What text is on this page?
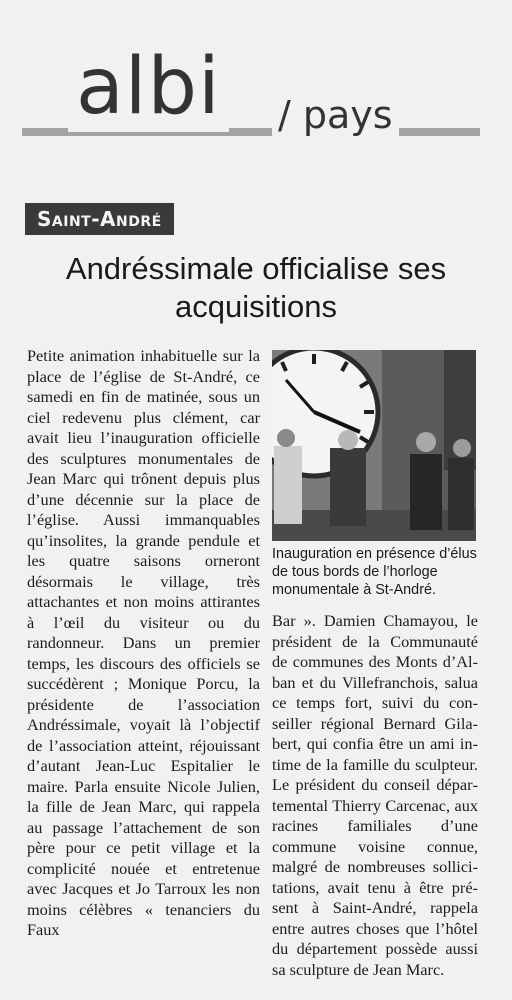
albi / pays
Saint-André
Andréssimale officialise ses acquisitions
Petite animation inhabituelle sur la place de l’église de St-André, ce samedi en fin de matinée, sous un ciel redevenu plus clément, car avait lieu l’inauguration officielle des sculptures monumentales de Jean Marc qui trônent depuis plus d’une décennie sur la place de l’église. Aussi immanquables qu’insolites, la grande pendule et les quatre saisons orneront désormais le village, très attachantes et non moins attirantes à l’œil du visiteur ou du randonneur. Dans un premier temps, les discours des officiels se succédèrent ; Monique Porcu, la présidente de l’association Andréssimale, voyait là l’objectif de l’association atteint, réjouissant d’autant Jean-Luc Espitalier le maire. Parla ensuite Nicole Julien, la fille de Jean Marc, qui rappela au passage l’attachement de son père pour ce petit village et la complicité nouée et entretenue avec Jacques et Jo Tarroux les non moins célèbres « tenanciers du Faux
Inauguration en présence d’élus de tous bords de l’horloge monumentale à St-André.
Bar ». Damien Chamayou, le président de la Communauté de communes des Monts d’Alban et du Villefranchois, salua ce temps fort, suivi du conseiller régional Bernard Gilabert, qui confia être un ami intime de la famille du sculpteur. Le président du conseil départemental Thierry Carcenac, aux racines familiales d’une commune voisine connue, malgré de nombreuses sollicitations, avait tenu à être présent à Saint-André, rappela entre autres choses que l’hôtel du département possède aussi sa sculpture de Jean Marc.
